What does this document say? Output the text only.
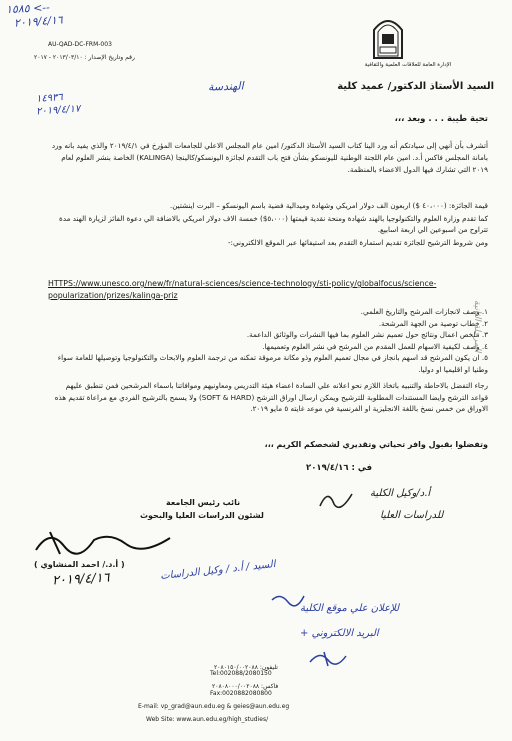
AU-QAD-DC-FRM-003
رقم وتاريخ الإصدار : ٢٠١٣/٠٣/١٠ - ٢٠١٧
١٥٨٥ <--
٢٠١٩/٤/١٦
١٤٩٣٦
٢٠١٩/٤/١٧
الإدارة العامة للعلاقات العلمية والثقافية
السيد الأستاذ الدكتور/ عميد كلية
الهندسة
تحية طيبة . . . وبعد ،،،
أتشرف بأن أنهي إلى سيادتكم أنه ورد الينا كتاب السيد الأستاذ الدكتور/ امين عام المجلس الاعلي للجامعات المؤرخ في ٢٠١٩/٤/١ والذي يفيد بانه ورد بامانة المجلس فاكس أ.د. امين عام اللجنة الوطنية لليونسكو بشأن فتح باب التقدم لجائزة اليونسكو/كالينجا (KALINGA) الخاصة بنشر العلوم لعام ٢٠١٩ التي تشارك فيها الدول الاعضاء بالمنظمة.
قيمة الجائزة: (٤٠،٠٠٠ $) اربعون الف دولار امريكي وشهادة وميدالية فضية باسم اليونسكو – البرت اينشتين.
كما تقدم وزارة العلوم والتكنولوجيا بالهند شهادة ومنحة نقدية قيمتها (٥،٠٠٠$) خمسة الاف دولار امريكي بالاضافة الي دعوة الفائز لزيارة الهند مدة تتراوح من اسبوعين الي اربعة اسابيع.
ومن شروط الترشيح للجائزة تقديم استمارة التقدم بعد استيفائها عبر الموقع الالكتروني:-
HTTPS://www.unesco.org/new/fr/natural-sciences/science-technology/sti-policy/globalfocus/science-popularization/prizes/kalinga-priz
١. وصف لانجازات المرشح والتاريخ العلمي.
٢. خطاب توصية من الجهة المرشحة.
٣. ملخص اعمال ونتائج حول تعميم نشر العلوم بما فيها النشرات والوثائق الداعمة.
٤. وصف لكيفية الاسهام للعمل المقدم من المرشح في نشر العلوم وتعميمها.
٥. ان يكون المرشح قد اسهم بانجاز في مجال تعميم العلوم وذو مكانة مرموقة تمكنه من ترجمة العلوم والابحاث والتكنولوجيا وتوصيلها للعامة سواء وطنيا او اقليميا او دوليا.
رجاء التفضل بالاحاطة والتنبيه باتخاذ اللازم نحو اعلانه علي السادة اعضاء هيئة التدريس ومعاونيهم وموافاتنا باسماء المرشحين فمن تنطبق عليهم قواعد الترشح وايضا المستندات المطلوبة للترشيح ويمكن ارسال اوراق الترشح (SOFT & HARD) ولا يسمح بالترشيح الفردي مع مراعاة تقديم هذه الاوراق من خمس نسخ باللغة الانجليزية او الفرنسية في موعد غايته ٥ مايو ٢٠١٩.
وتفضلوا بقبول وافر تحياتي وتقديري لشخصكم الكريم ،،،
في : ٢٠١٩/٤/١٦
نائب رئيس الجامعة
لشئون الدراسات العليا والبحوث
( أ.د./ احمد المنشاوي )
٢٠١٩/٤/١٦
أ.د/وكيل الكلية
للدراسات العليا
السيد / أ.د / وكيل الدراسات
للإعلان علي موقع الكلية
+ البريد الالكتروني
المرحلة الثانية
تليفون: ٢٠٨٠١٥٠/٠٠٢٠٨٨
Tel:002088/2080150
فاكس: ٢٠٨٠٨٠٠٠/٠٠٢٠٨٨
Fax:0020882080800
E-mail: vp_grad@aun.edu.eg & geies@aun.edu.eg
Web Site: www.aun.edu.eg/high_studies/
